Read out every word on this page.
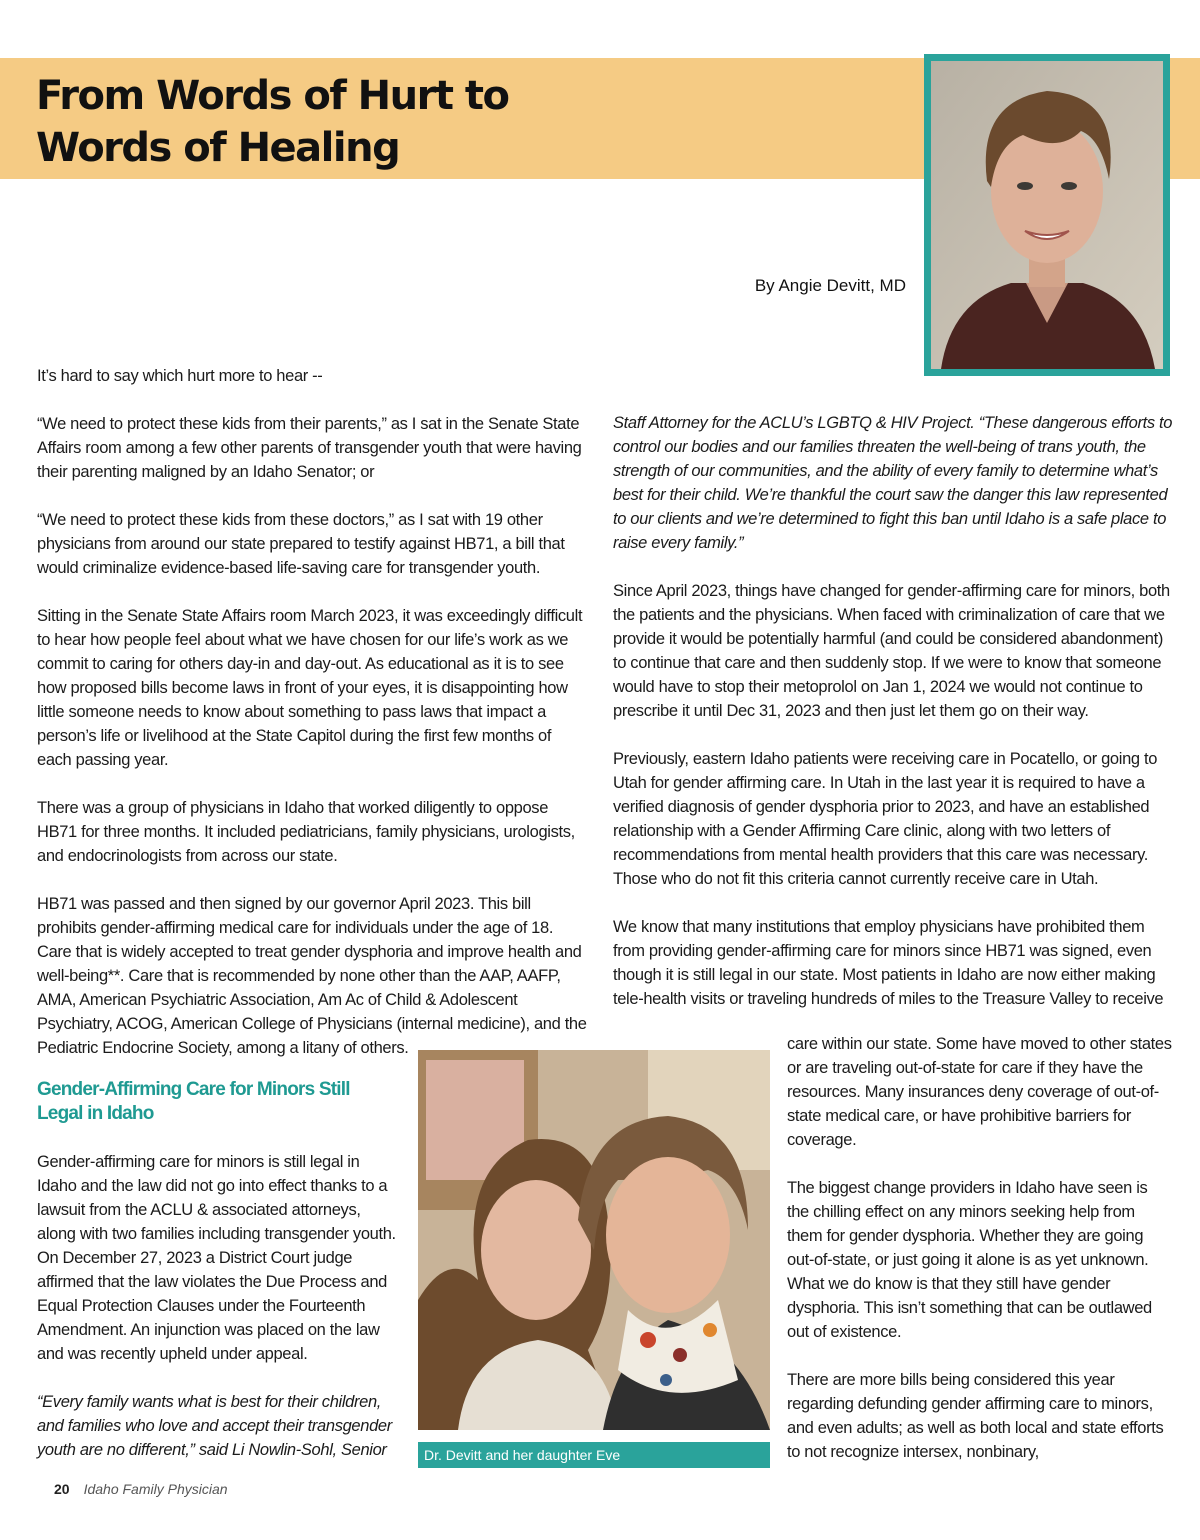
From Words of Hurt to
Words of Healing
By Angie Devitt, MD

It’s hard to say which hurt more to hear --

“We need to protect these kids from their parents,” as I sat in the Senate State Affairs room among a few other parents of transgender youth that were having their parenting maligned by an Idaho Senator; or

“We need to protect these kids from these doctors,” as I sat with 19 other physicians from around our state prepared to testify against HB71, a bill that would criminalize evidence-based life-saving care for transgender youth.

Sitting in the Senate State Affairs room March 2023, it was exceedingly difficult to hear how people feel about what we have chosen for our life’s work as we commit to caring for others day-in and day-out. As educational as it is to see how proposed bills become laws in front of your eyes, it is disappointing how little someone needs to know about something to pass laws that impact a person’s life or livelihood at the State Capitol during the first few months of each passing year.

There was a group of physicians in Idaho that worked diligently to oppose HB71 for three months. It included pediatricians, family physicians, urologists, and endocrinologists from across our state.

HB71 was passed and then signed by our governor April 2023. This bill prohibits gender-affirming medical care for individuals under the age of 18. Care that is widely accepted to treat gender dysphoria and improve health and well-being**. Care that is recommended by none other than the AAP, AAFP, AMA, American Psychiatric Association, Am Ac of Child & Adolescent Psychiatry, ACOG, American College of Physicians (internal medicine), and the Pediatric Endocrine Society, among a litany of others.

Gender-Affirming Care for Minors Still Legal in Idaho

Gender-affirming care for minors is still legal in Idaho and the law did not go into effect thanks to a lawsuit from the ACLU & associated attorneys, along with two families including transgender youth. On December 27, 2023 a District Court judge affirmed that the law violates the Due Process and Equal Protection Clauses under the Fourteenth Amendment. An injunction was placed on the law and was recently upheld under appeal.

“Every family wants what is best for their children, and families who love and accept their transgender youth are no different,” said Li Nowlin-Sohl, Senior

Staff Attorney for the ACLU’s LGBTQ & HIV Project. “These dangerous efforts to control our bodies and our families threaten the well-being of trans youth, the strength of our communities, and the ability of every family to determine what’s best for their child. We’re thankful the court saw the danger this law represented to our clients and we’re determined to fight this ban until Idaho is a safe place to raise every family.”

Since April 2023, things have changed for gender-affirming care for minors, both the patients and the physicians. When faced with criminalization of care that we provide it would be potentially harmful (and could be considered abandonment) to continue that care and then suddenly stop. If we were to know that someone would have to stop their metoprolol on Jan 1, 2024 we would not continue to prescribe it until Dec 31, 2023 and then just let them go on their way.

Previously, eastern Idaho patients were receiving care in Pocatello, or going to Utah for gender affirming care. In Utah in the last year it is required to have a verified diagnosis of gender dysphoria prior to 2023, and have an established relationship with a Gender Affirming Care clinic, along with two letters of recommendations from mental health providers that this care was necessary. Those who do not fit this criteria cannot currently receive care in Utah.

We know that many institutions that employ physicians have prohibited them from providing gender-affirming care for minors since HB71 was signed, even though it is still legal in our state. Most patients in Idaho are now either making tele-health visits or traveling hundreds of miles to the Treasure Valley to receive

Dr. Devitt and her daughter Eve

care within our state. Some have moved to other states or are traveling out-of-state for care if they have the resources. Many insurances deny coverage of out-of-state medical care, or have prohibitive barriers for coverage.

The biggest change providers in Idaho have seen is the chilling effect on any minors seeking help from them for gender dysphoria. Whether they are going out-of-state, or just going it alone is as yet unknown. What we do know is that they still have gender dysphoria. This isn’t something that can be outlawed out of existence.

There are more bills being considered this year regarding defunding gender affirming care to minors, and even adults; as well as both local and state efforts to not recognize intersex, nonbinary,

20 Idaho Family Physician
